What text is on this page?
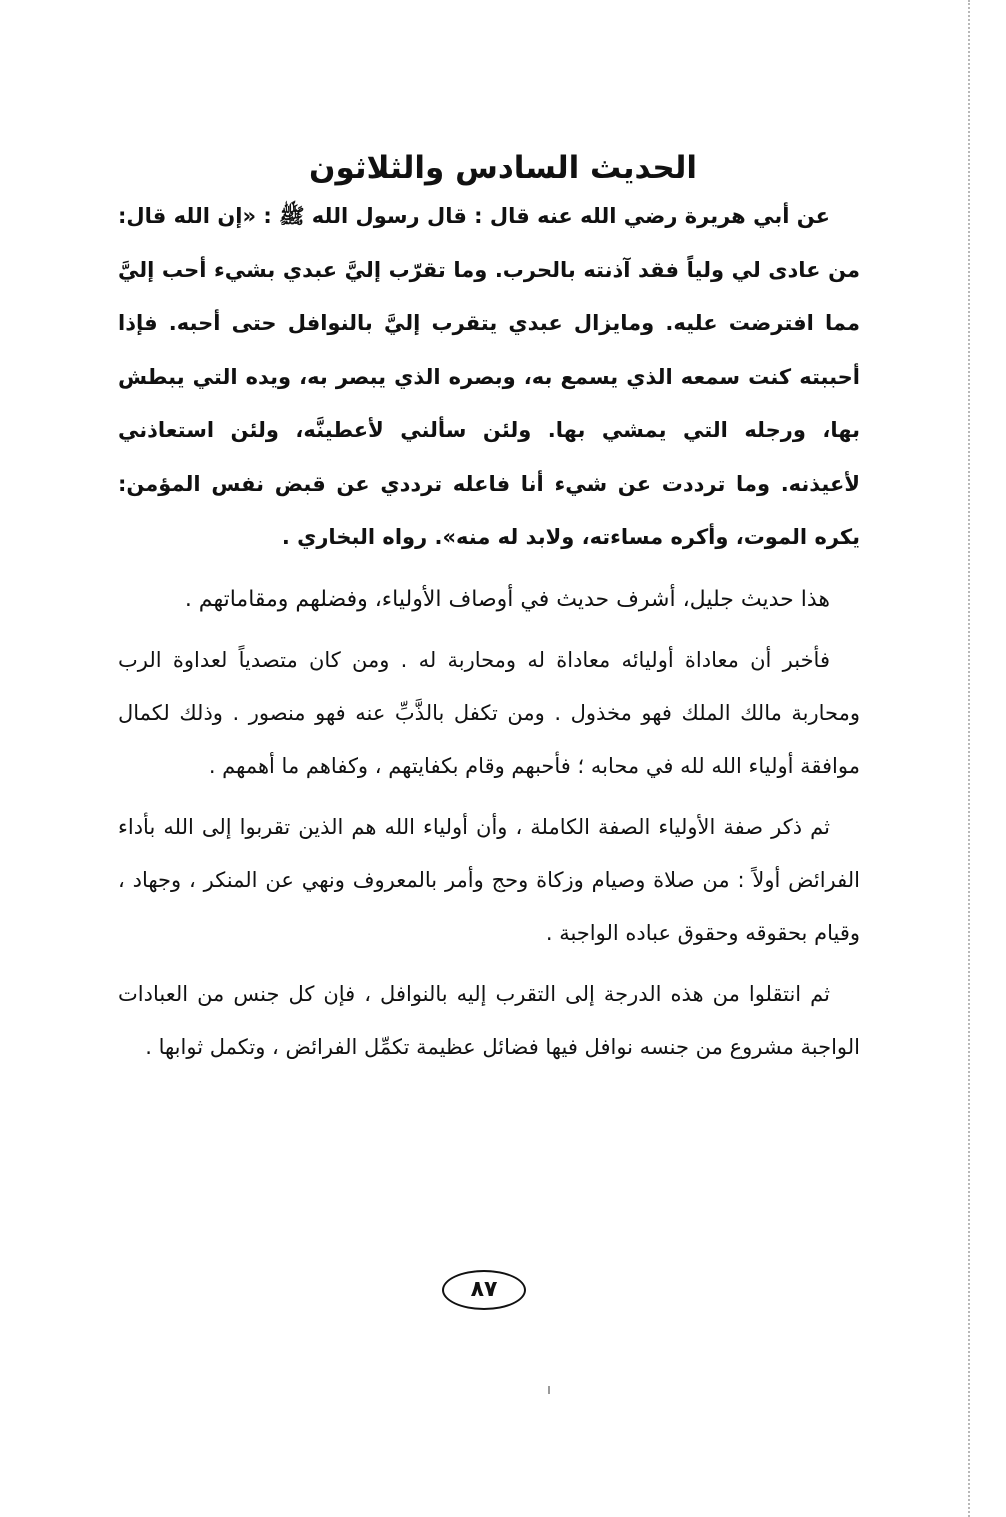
الحديث السادس والثلاثون

عن أبي هريرة رضي الله عنه قال : قال رسول الله ﷺ : «إن الله قال: من عادى لي ولياً فقد آذنته بالحرب. وما تقرّب إليَّ عبدي بشيء أحب إليَّ مما افترضت عليه. ومايزال عبدي يتقرب إليَّ بالنوافل حتى أحبه. فإذا أحببته كنت سمعه الذي يسمع به، وبصره الذي يبصر به، ويده التي يبطش بها، ورجله التي يمشي بها. ولئن سألني لأعطينَّه، ولئن استعاذني لأعيذنه. وما ترددت عن شيء أنا فاعله ترددي عن قبض نفس المؤمن: يكره الموت، وأكره مساءته، ولابد له منه». رواه البخاري .

هذا حديث جليل، أشرف حديث في أوصاف الأولياء، وفضلهم ومقاماتهم .

فأخبر أن معاداة أوليائه معاداة له ومحاربة له . ومن كان متصدياً لعداوة الرب ومحاربة مالك الملك فهو مخذول . ومن تكفل بالذَّبِّ عنه فهو منصور . وذلك لكمال موافقة أولياء الله لله في محابه ؛ فأحبهم وقام بكفايتهم ، وكفاهم ما أهمهم .

ثم ذكر صفة الأولياء الصفة الكاملة ، وأن أولياء الله هم الذين تقربوا إلى الله بأداء الفرائض أولاً : من صلاة وصيام وزكاة وحج وأمر بالمعروف ونهي عن المنكر ، وجهاد ، وقيام بحقوقه وحقوق عباده الواجبة .

ثم انتقلوا من هذه الدرجة إلى التقرب إليه بالنوافل ، فإن كل جنس من العبادات الواجبة مشروع من جنسه نوافل فيها فضائل عظيمة تكمِّل الفرائض ، وتكمل ثوابها .

٨٧
